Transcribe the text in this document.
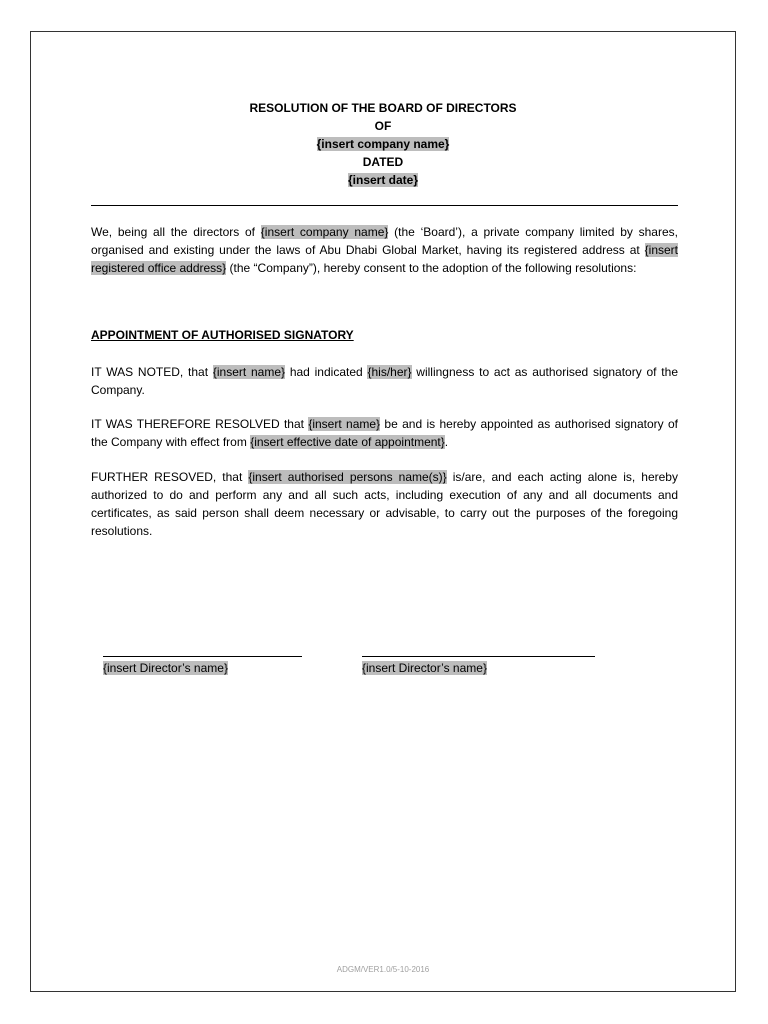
RESOLUTION OF THE BOARD OF DIRECTORS
OF
{insert company name}
DATED
{insert date}

We, being all the directors of {insert company name} (the ‘Board’), a private company limited by shares, organised and existing under the laws of Abu Dhabi Global Market, having its registered address at {insert registered office address} (the “Company”), hereby consent to the adoption of the following resolutions:

APPOINTMENT OF AUTHORISED SIGNATORY

IT WAS NOTED, that {insert name} had indicated {his/her} willingness to act as authorised signatory of the Company.

IT WAS THEREFORE RESOLVED that {insert name} be and is hereby appointed as authorised signatory of the Company with effect from {insert effective date of appointment}.

FURTHER RESOVED, that {insert authorised persons name(s)} is/are, and each acting alone is, hereby authorized to do and perform any and all such acts, including execution of any and all documents and certificates, as said person shall deem necessary or advisable, to carry out the purposes of the foregoing resolutions.

{insert Director’s name}	{insert Director’s name}
ADGM/VER1.0/5-10-2016
